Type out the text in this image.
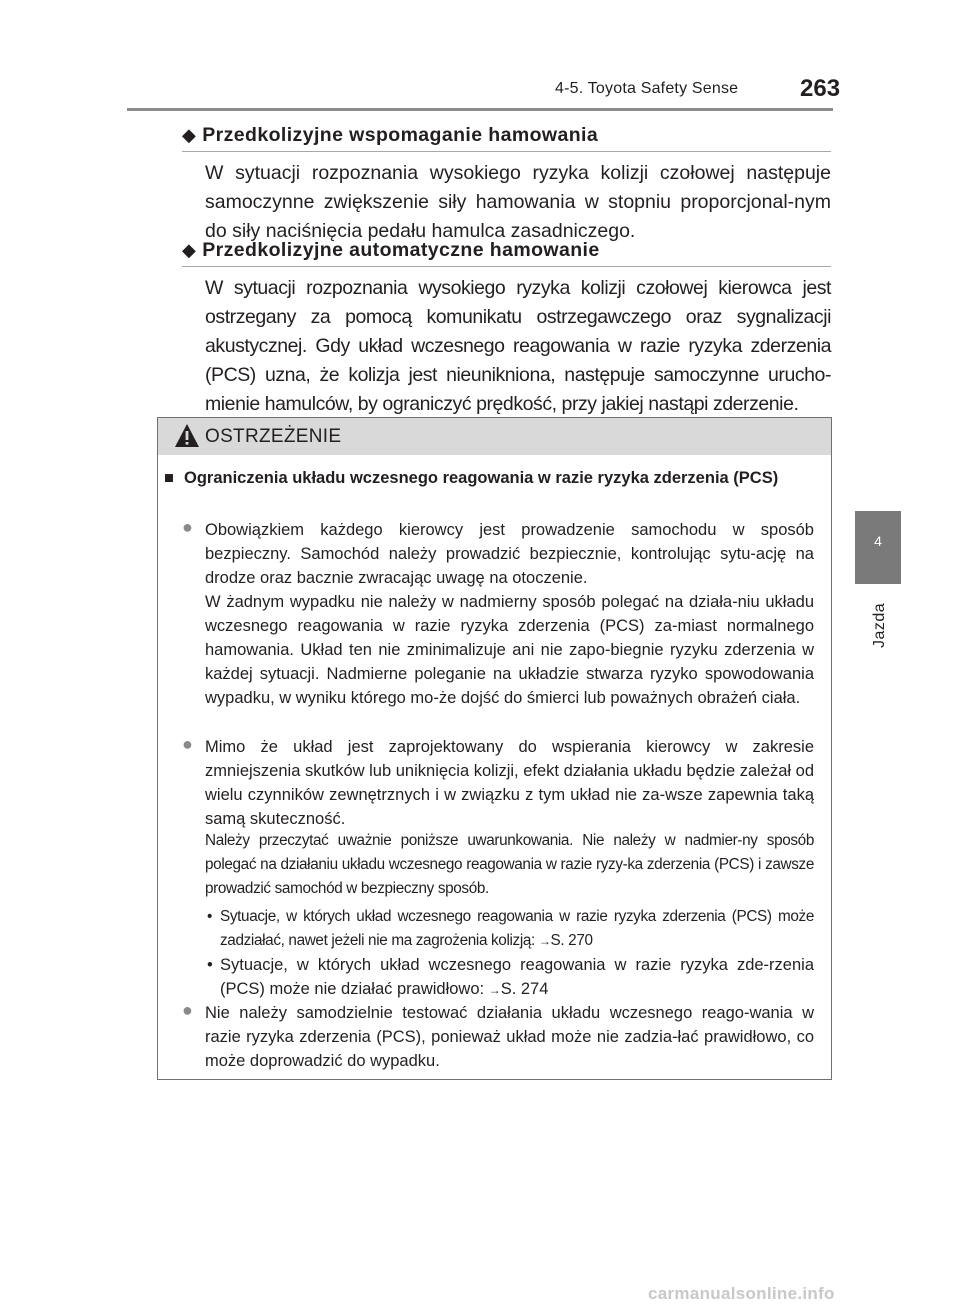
4-5. Toyota Safety Sense	263
4
Jazda
◆ Przedkolizyjne wspomaganie hamowania
W sytuacji rozpoznania wysokiego ryzyka kolizji czołowej następuje samoczynne zwiększenie siły hamowania w stopniu proporcjonal-nym do siły naciśnięcia pedału hamulca zasadniczego.
◆ Przedkolizyjne automatyczne hamowanie
W sytuacji rozpoznania wysokiego ryzyka kolizji czołowej kierowca jest ostrzegany za pomocą komunikatu ostrzegawczego oraz sygnalizacji akustycznej. Gdy układ wczesnego reagowania w razie ryzyka zderzenia (PCS) uzna, że kolizja jest nieuniknionа, następuje samoczynne urucho-mienie hamulców, by ograniczyć prędkość, przy jakiej nastąpi zderzenie.
OSTRZEŻENIE
■ Ograniczenia układu wczesnego reagowania w razie ryzyka zderzenia (PCS)
● Obowiązkiem każdego kierowcy jest prowadzenie samochodu w sposób bezpieczny. Samochód należy prowadzić bezpiecznie, kontrolując sytu-ację na drodze oraz bacznie zwracając uwagę na otoczenie.
W żadnym wypadku nie należy w nadmierny sposób polegać na działa-niu układu wczesnego reagowania w razie ryzyka zderzenia (PCS) za-miast normalnego hamowania. Układ ten nie zminimalizuje ani nie zapo-biegnie ryzyku zderzenia w każdej sytuacji. Nadmierne poleganie na układzie stwarza ryzyko spowodowania wypadku, w wyniku którego mo-że dojść do śmierci lub poważnych obrażeń ciała.
● Mimo że układ jest zaprojektowany do wspierania kierowcy w zakresie zmniejszenia skutków lub uniknięcia kolizji, efekt działania układu będzie zależał od wielu czynników zewnętrznych i w związku z tym układ nie za-wsze zapewnia taką samą skuteczność.
Należy przeczytać uważnie poniższe uwarunkowania. Nie należy w nadmier-ny sposób polegać na działaniu układu wczesnego reagowania w razie ryzy-ka zderzenia (PCS) i zawsze prowadzić samochód w bezpieczny sposób.
• Sytuacje, w których układ wczesnego reagowania w razie ryzyka zderzenia (PCS) może zadziałać, nawet jeżeli nie ma zagrożenia kolizją: →S. 270
• Sytuacje, w których układ wczesnego reagowania w razie ryzyka zde-rzenia (PCS) może nie działać prawidłowo: →S. 274
● Nie należy samodzielnie testować działania układu wczesnego reago-wania w razie ryzyka zderzenia (PCS), ponieważ układ może nie zadzia-łać prawidłowo, co może doprowadzić do wypadku.
carmanualsonline.info
